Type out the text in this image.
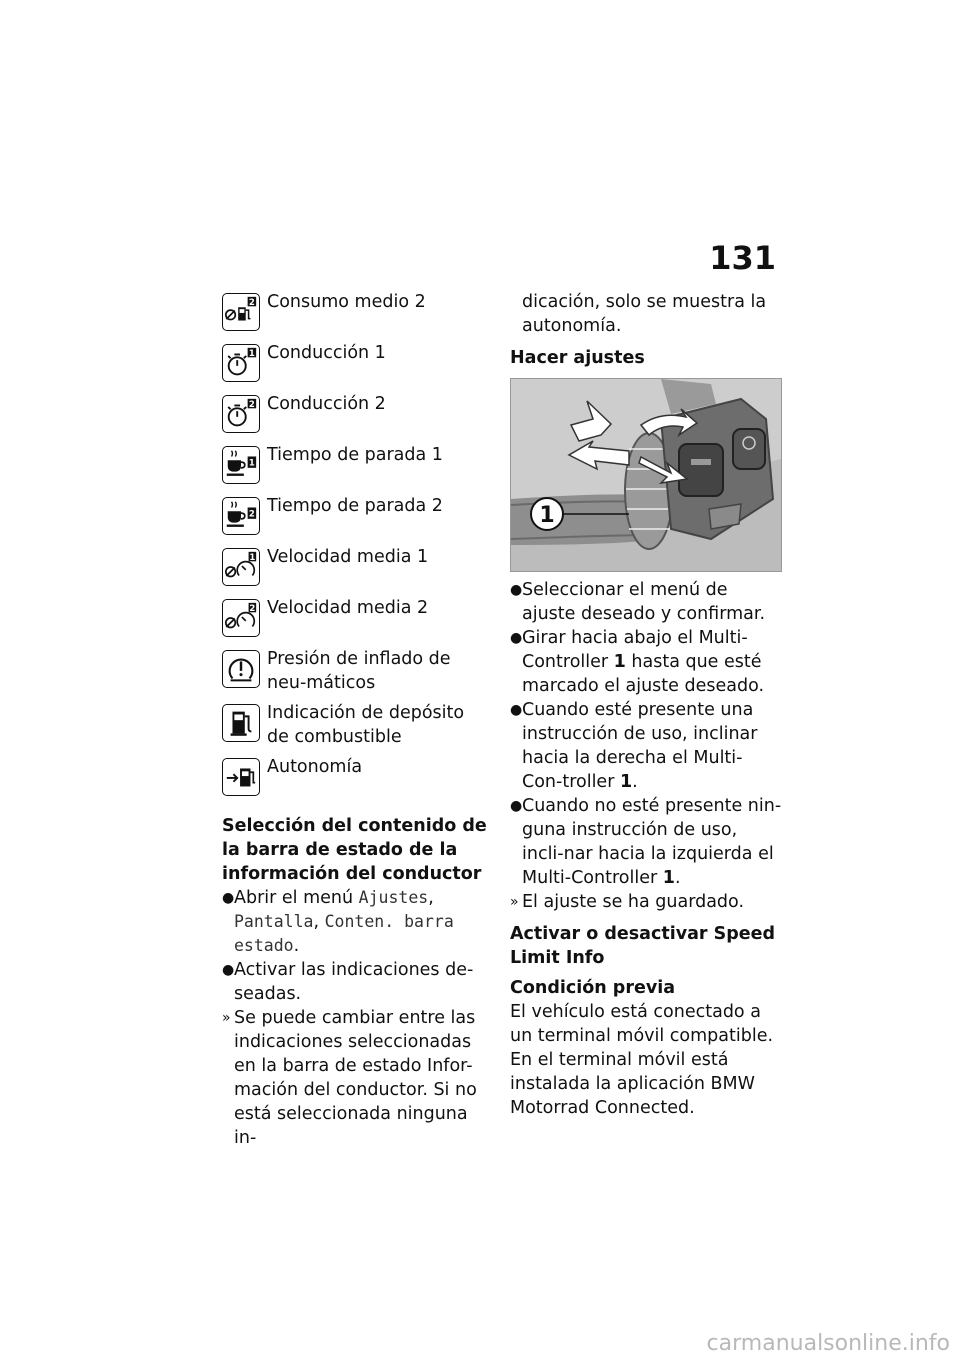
131
2 Consumo medio 2
1 Conducción 1
2 Conducción 2
1 Tiempo de parada 1
2 Tiempo de parada 2
1 Velocidad media 1
2 Velocidad media 2
Presión de inflado de neu-máticos
Indicación de depósito de combustible
Autonomía
Selección del contenido de la barra de estado de la información del conductor
● Abrir el menú Ajustes, Pantalla, Conten. barra estado.
● Activar las indicaciones de-seadas.
» Se puede cambiar entre las indicaciones seleccionadas en la barra de estado Infor-mación del conductor. Si no está seleccionada ninguna in-
dicación, solo se muestra la autonomía.
Hacer ajustes
1
● Seleccionar el menú de ajuste deseado y confirmar.
● Girar hacia abajo el Multi-Controller 1 hasta que esté marcado el ajuste deseado.
● Cuando esté presente una instrucción de uso, inclinar hacia la derecha el Multi-Con-troller 1.
● Cuando no esté presente nin-guna instrucción de uso, incli-nar hacia la izquierda el Multi-Controller 1.
» El ajuste se ha guardado.
Activar o desactivar Speed Limit Info
Condición previa
El vehículo está conectado a un terminal móvil compatible. En el terminal móvil está instalada la aplicación BMW Motorrad Connected.
carmanualsonline.info
